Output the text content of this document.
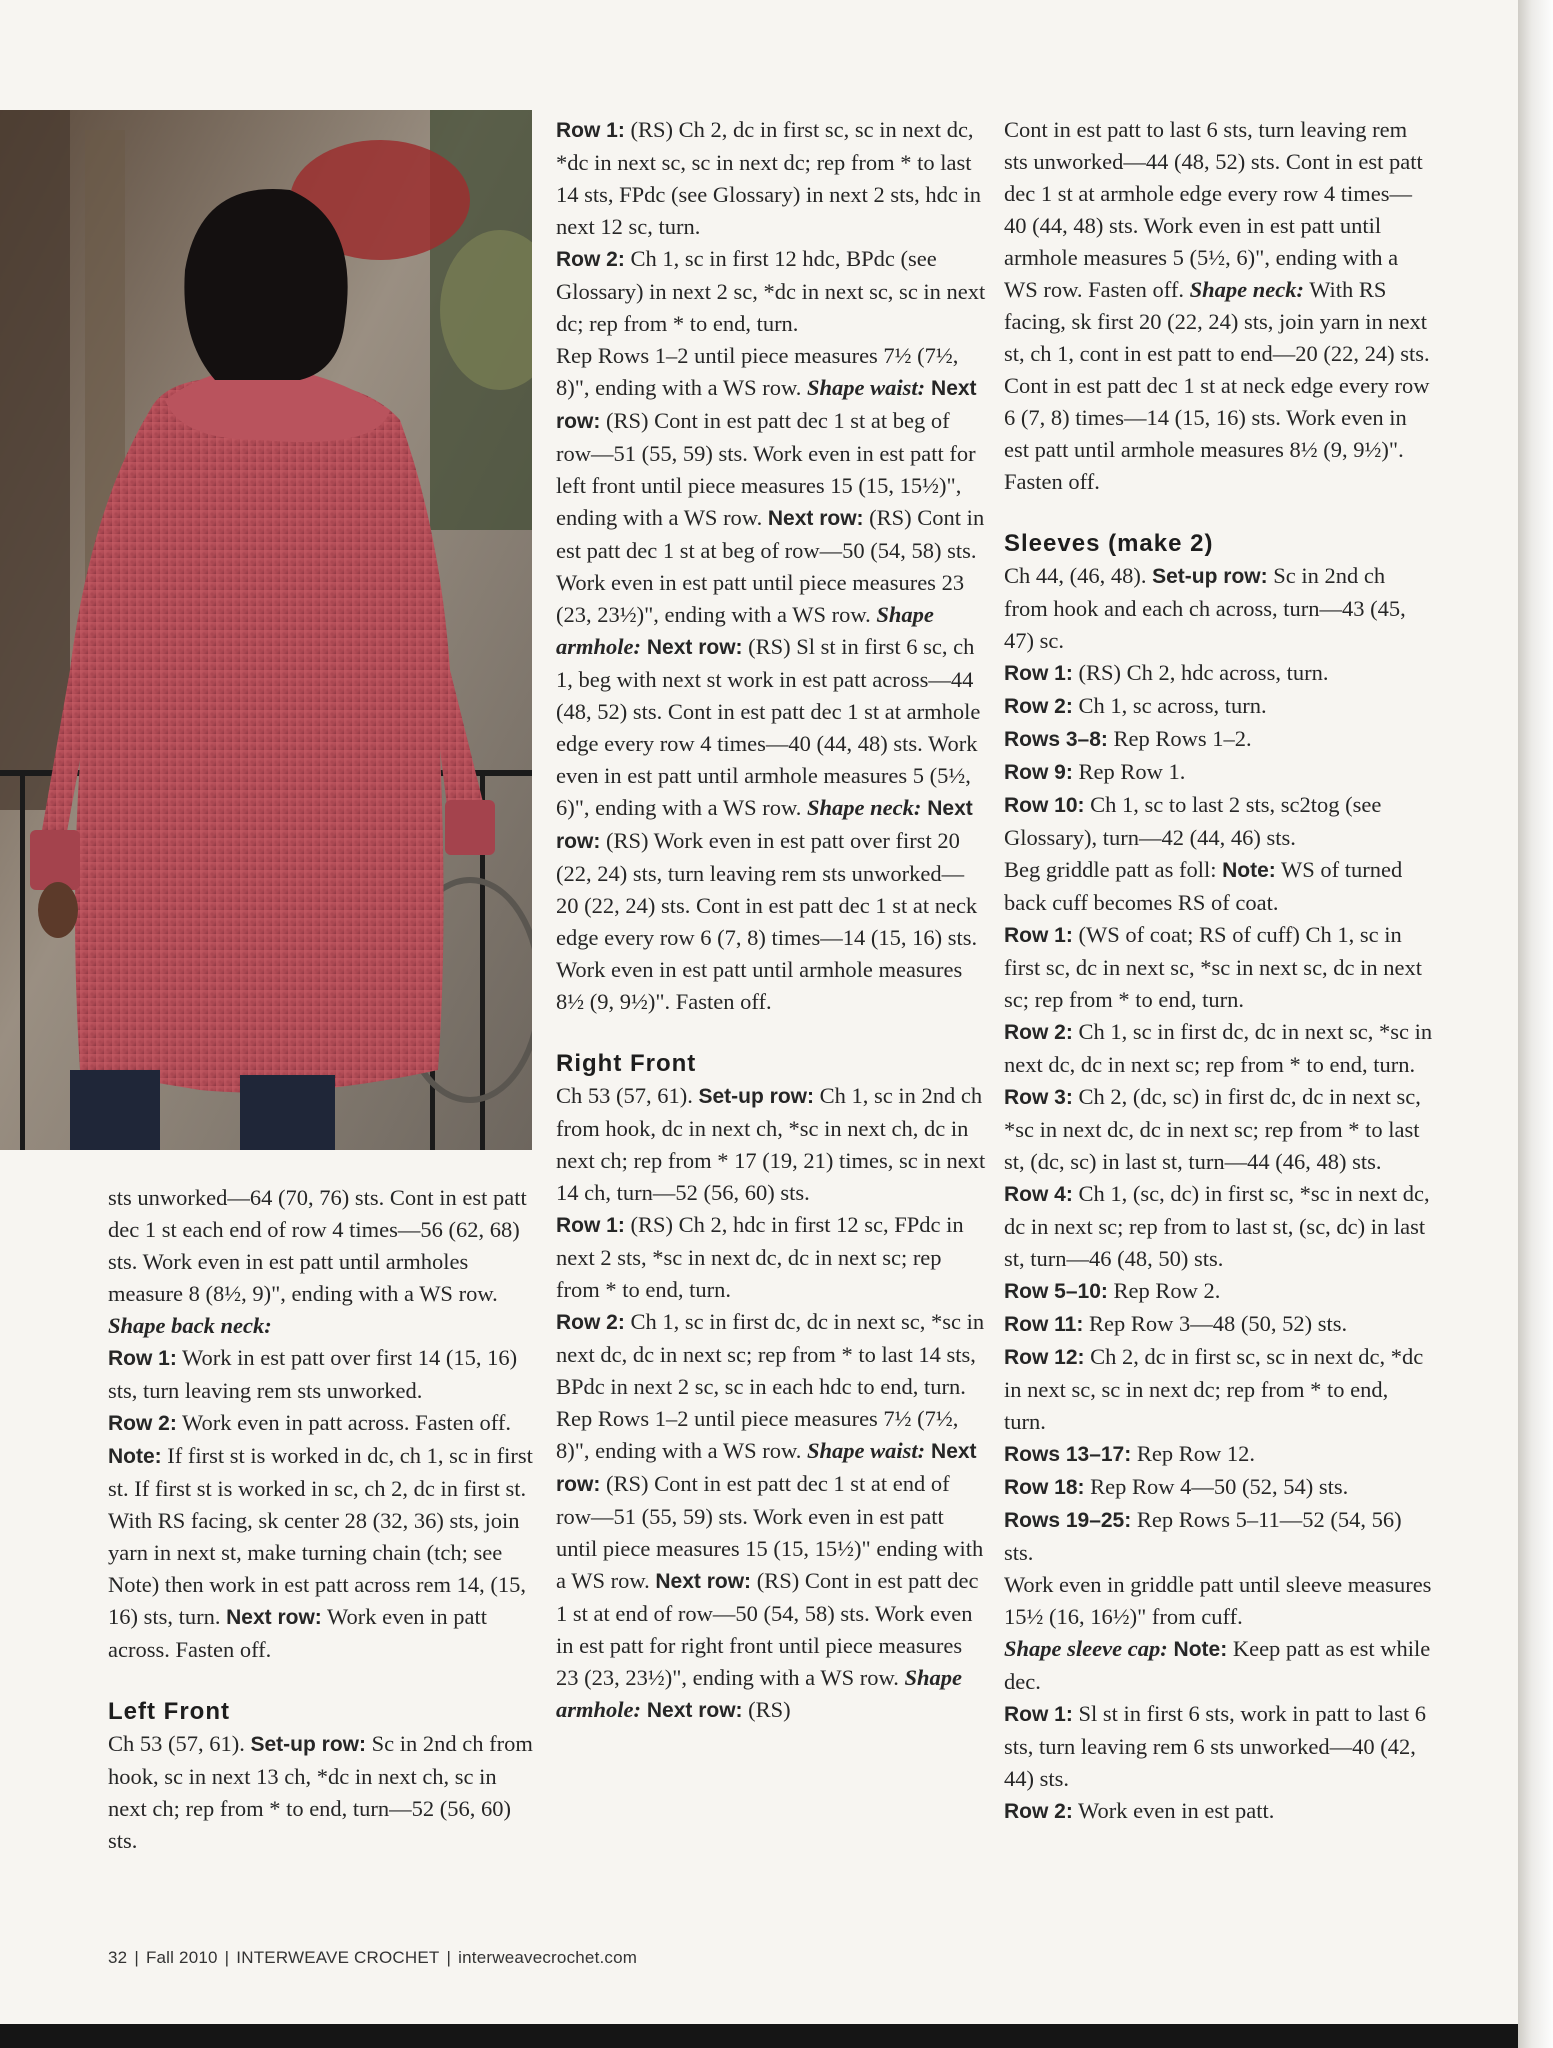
sts unworked—64 (70, 76) sts. Cont in est patt dec 1 st each end of row 4 times—56 (62, 68) sts. Work even in est patt until armholes measure 8 (8½, 9)", ending with a WS row. Shape back neck:

Row 1: Work in est patt over first 14 (15, 16) sts, turn leaving rem sts unworked.

Row 2: Work even in patt across. Fasten off.

Note: If first st is worked in dc, ch 1, sc in first st. If first st is worked in sc, ch 2, dc in first st. With RS facing, sk center 28 (32, 36) sts, join yarn in next st, make turning chain (tch; see Note) then work in est patt across rem 14, (15, 16) sts, turn. Next row: Work even in patt across. Fasten off.

Left Front

Ch 53 (57, 61). Set-up row: Sc in 2nd ch from hook, sc in next 13 ch, *dc in next ch, sc in next ch; rep from * to end, turn—52 (56, 60) sts.

Row 1: (RS) Ch 2, dc in first sc, sc in next dc, *dc in next sc, sc in next dc; rep from * to last 14 sts, FPdc (see Glossary) in next 2 sts, hdc in next 12 sc, turn.

Row 2: Ch 1, sc in first 12 hdc, BPdc (see Glossary) in next 2 sc, *dc in next sc, sc in next dc; rep from * to end, turn.

Rep Rows 1–2 until piece measures 7½ (7½, 8)", ending with a WS row. Shape waist: Next row: (RS) Cont in est patt dec 1 st at beg of row—51 (55, 59) sts. Work even in est patt for left front until piece measures 15 (15, 15½)", ending with a WS row. Next row: (RS) Cont in est patt dec 1 st at beg of row—50 (54, 58) sts. Work even in est patt until piece measures 23 (23, 23½)", ending with a WS row. Shape armhole: Next row: (RS) Sl st in first 6 sc, ch 1, beg with next st work in est patt across—44 (48, 52) sts. Cont in est patt dec 1 st at armhole edge every row 4 times—40 (44, 48) sts. Work even in est patt until armhole measures 5 (5½, 6)", ending with a WS row. Shape neck: Next row: (RS) Work even in est patt over first 20 (22, 24) sts, turn leaving rem sts unworked—20 (22, 24) sts. Cont in est patt dec 1 st at neck edge every row 6 (7, 8) times—14 (15, 16) sts. Work even in est patt until armhole measures 8½ (9, 9½)". Fasten off.

Right Front

Ch 53 (57, 61). Set-up row: Ch 1, sc in 2nd ch from hook, dc in next ch, *sc in next ch, dc in next ch; rep from * 17 (19, 21) times, sc in next 14 ch, turn—52 (56, 60) sts.

Row 1: (RS) Ch 2, hdc in first 12 sc, FPdc in next 2 sts, *sc in next dc, dc in next sc; rep from * to end, turn.

Row 2: Ch 1, sc in first dc, dc in next sc, *sc in next dc, dc in next sc; rep from * to last 14 sts, BPdc in next 2 sc, sc in each hdc to end, turn.

Rep Rows 1–2 until piece measures 7½ (7½, 8)", ending with a WS row. Shape waist: Next row: (RS) Cont in est patt dec 1 st at end of row—51 (55, 59) sts. Work even in est patt until piece measures 15 (15, 15½)" ending with a WS row. Next row: (RS) Cont in est patt dec 1 st at end of row—50 (54, 58) sts. Work even in est patt for right front until piece measures 23 (23, 23½)", ending with a WS row. Shape armhole: Next row: (RS)

Cont in est patt to last 6 sts, turn leaving rem sts unworked—44 (48, 52) sts. Cont in est patt dec 1 st at armhole edge every row 4 times—40 (44, 48) sts. Work even in est patt until armhole measures 5 (5½, 6)", ending with a WS row. Fasten off. Shape neck: With RS facing, sk first 20 (22, 24) sts, join yarn in next st, ch 1, cont in est patt to end—20 (22, 24) sts. Cont in est patt dec 1 st at neck edge every row 6 (7, 8) times—14 (15, 16) sts. Work even in est patt until armhole measures 8½ (9, 9½)". Fasten off.

Sleeves (make 2)

Ch 44, (46, 48). Set-up row: Sc in 2nd ch from hook and each ch across, turn—43 (45, 47) sc.

Row 1: (RS) Ch 2, hdc across, turn.

Row 2: Ch 1, sc across, turn.

Rows 3–8: Rep Rows 1–2.

Row 9: Rep Row 1.

Row 10: Ch 1, sc to last 2 sts, sc2tog (see Glossary), turn—42 (44, 46) sts.

Beg griddle patt as foll: Note: WS of turned back cuff becomes RS of coat.

Row 1: (WS of coat; RS of cuff) Ch 1, sc in first sc, dc in next sc, *sc in next sc, dc in next sc; rep from * to end, turn.

Row 2: Ch 1, sc in first dc, dc in next sc, *sc in next dc, dc in next sc; rep from * to end, turn.

Row 3: Ch 2, (dc, sc) in first dc, dc in next sc, *sc in next dc, dc in next sc; rep from * to last st, (dc, sc) in last st, turn—44 (46, 48) sts.

Row 4: Ch 1, (sc, dc) in first sc, *sc in next dc, dc in next sc; rep from to last st, (sc, dc) in last st, turn—46 (48, 50) sts.

Row 5–10: Rep Row 2.

Row 11: Rep Row 3—48 (50, 52) sts.

Row 12: Ch 2, dc in first sc, sc in next dc, *dc in next sc, sc in next dc; rep from * to end, turn.

Rows 13–17: Rep Row 12.

Row 18: Rep Row 4—50 (52, 54) sts.

Rows 19–25: Rep Rows 5–11—52 (54, 56) sts.

Work even in griddle patt until sleeve measures 15½ (16, 16½)" from cuff.

Shape sleeve cap: Note: Keep patt as est while dec.

Row 1: Sl st in first 6 sts, work in patt to last 6 sts, turn leaving rem 6 sts unworked—40 (42, 44) sts.

Row 2: Work even in est patt.

32 | Fall 2010 | INTERWEAVE CROCHET | interweavecrochet.com
